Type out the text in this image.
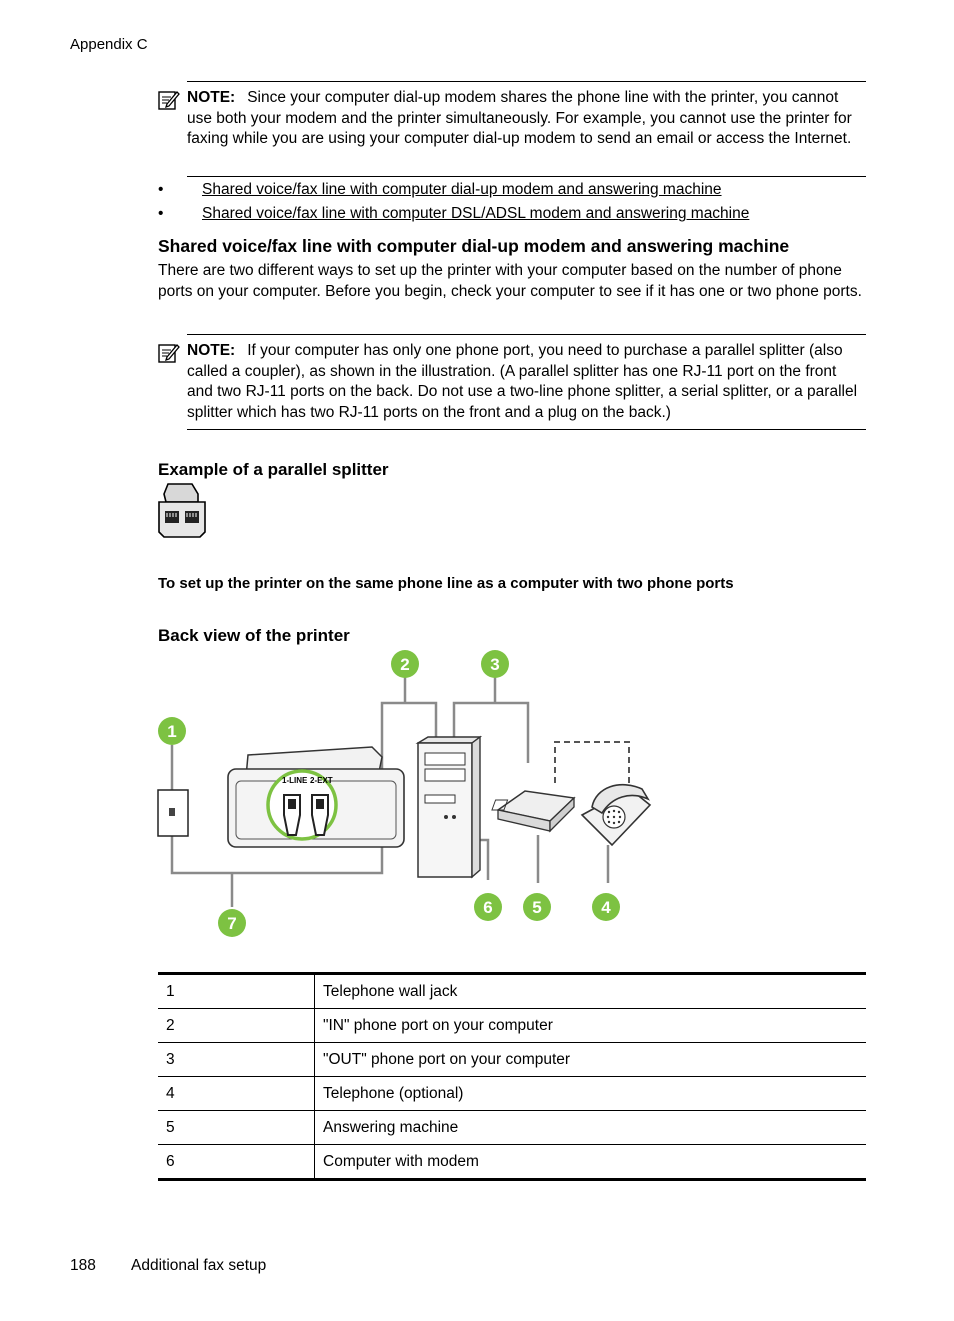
Appendix C
NOTE: Since your computer dial-up modem shares the phone line with the printer, you cannot use both your modem and the printer simultaneously. For example, you cannot use the printer for faxing while you are using your computer dial-up modem to send an email or access the Internet.
• Shared voice/fax line with computer dial-up modem and answering machine
• Shared voice/fax line with computer DSL/ADSL modem and answering machine
Shared voice/fax line with computer dial-up modem and answering machine
There are two different ways to set up the printer with your computer based on the number of phone ports on your computer. Before you begin, check your computer to see if it has one or two phone ports.
NOTE: If your computer has only one phone port, you need to purchase a parallel splitter (also called a coupler), as shown in the illustration. (A parallel splitter has one RJ-11 port on the front and two RJ-11 ports on the back. Do not use a two-line phone splitter, a serial splitter, or a parallel splitter which has two RJ-11 ports on the front and a plug on the back.)
Example of a parallel splitter
To set up the printer on the same phone line as a computer with two phone ports
Back view of the printer
1-LINE 2-EXT
1
2	3
4
5
6
7
1	Telephone wall jack
2	"IN" phone port on your computer
3	"OUT" phone port on your computer
4	Telephone (optional)
5	Answering machine
6	Computer with modem
188 Additional fax setup
